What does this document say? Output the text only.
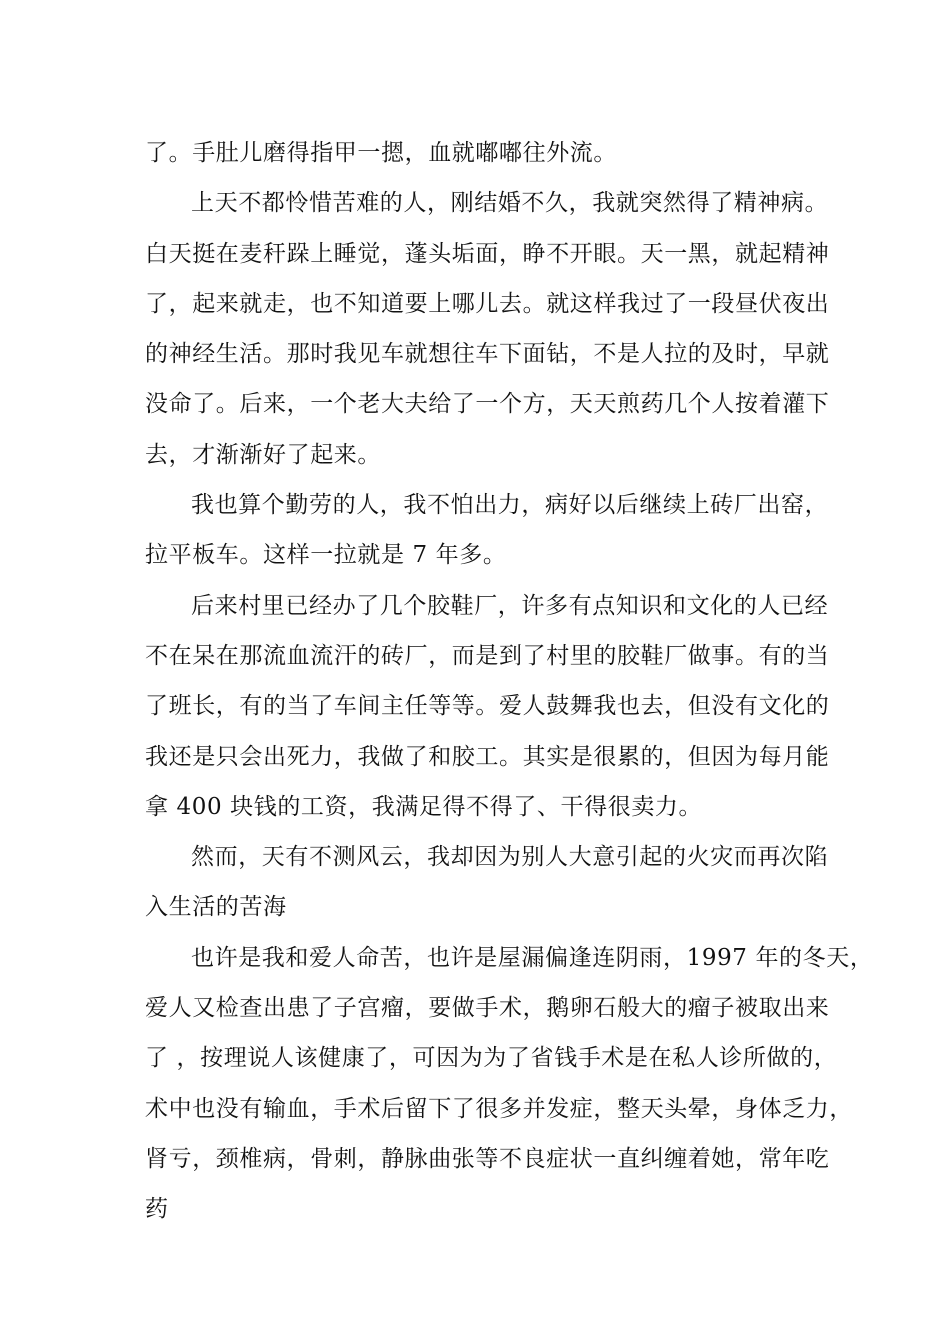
了。手肚儿磨得指甲一摁，血就嘟嘟往外流。
上天不都怜惜苦难的人，刚结婚不久，我就突然得了精神病。
白天挺在麦秆跺上睡觉，蓬头垢面，睁不开眼。天一黑，就起精神
了，起来就走，也不知道要上哪儿去。就这样我过了一段昼伏夜出
的神经生活。那时我见车就想往车下面钻，不是人拉的及时，早就
没命了。后来，一个老大夫给了一个方，天天煎药几个人按着灌下
去，才渐渐好了起来。
我也算个勤劳的人，我不怕出力，病好以后继续上砖厂出窑，
拉平板车。这样一拉就是 7 年多。
后来村里已经办了几个胶鞋厂，许多有点知识和文化的人已经
不在呆在那流血流汗的砖厂，而是到了村里的胶鞋厂做事。有的当
了班长，有的当了车间主任等等。爱人鼓舞我也去，但没有文化的
我还是只会出死力，我做了和胶工。其实是很累的，但因为每月能
拿 400 块钱的工资，我满足得不得了、干得很卖力。
然而，天有不测风云，我却因为别人大意引起的火灾而再次陷
入生活的苦海
也许是我和爱人命苦，也许是屋漏偏逢连阴雨，1997 年的冬天，
爱人又检查出患了子宫瘤，要做手术，鹅卵石般大的瘤子被取出来
了 ，按理说人该健康了，可因为为了省钱手术是在私人诊所做的，
术中也没有输血，手术后留下了很多并发症，整天头晕，身体乏力，
肾亏，颈椎病，骨刺，静脉曲张等不良症状一直纠缠着她，常年吃
药
